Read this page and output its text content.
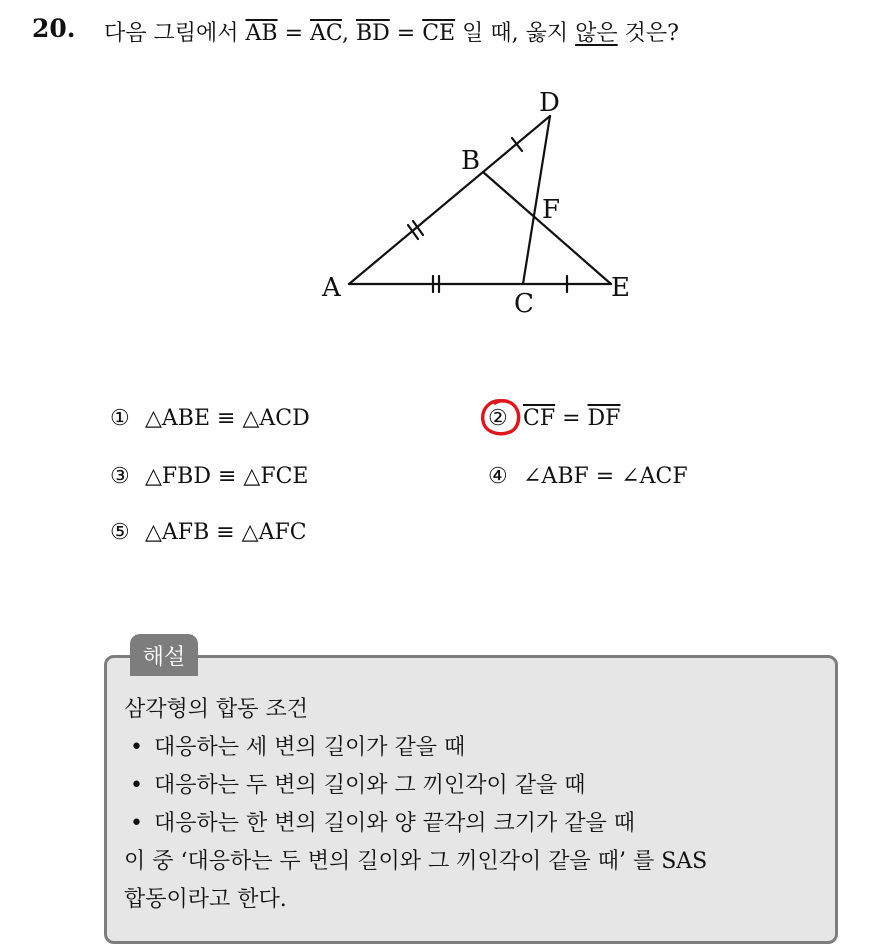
20. 다음 그림에서 $\overline{AB} = \overline{AC}$, $\overline{BD} = \overline{CE}$ 일 때, 옳지 않은 것은?
A
B
C
D
E
F
① △ABE ≡ △ACD	② $\overline{CF} = \overline{DF}$
③ △FBD ≡ △FCE	④ ∠ABF = ∠ACF
⑤ △AFB ≡ △AFC
해설
삼각형의 합동 조건
• 대응하는 세 변의 길이가 같을 때
• 대응하는 두 변의 길이와 그 끼인각이 같을 때
• 대응하는 한 변의 길이와 양 끝각의 크기가 같을 때
이 중 ‘대응하는 두 변의 길이와 그 끼인각이 같을 때’ 를 SAS
합동이라고 한다.
